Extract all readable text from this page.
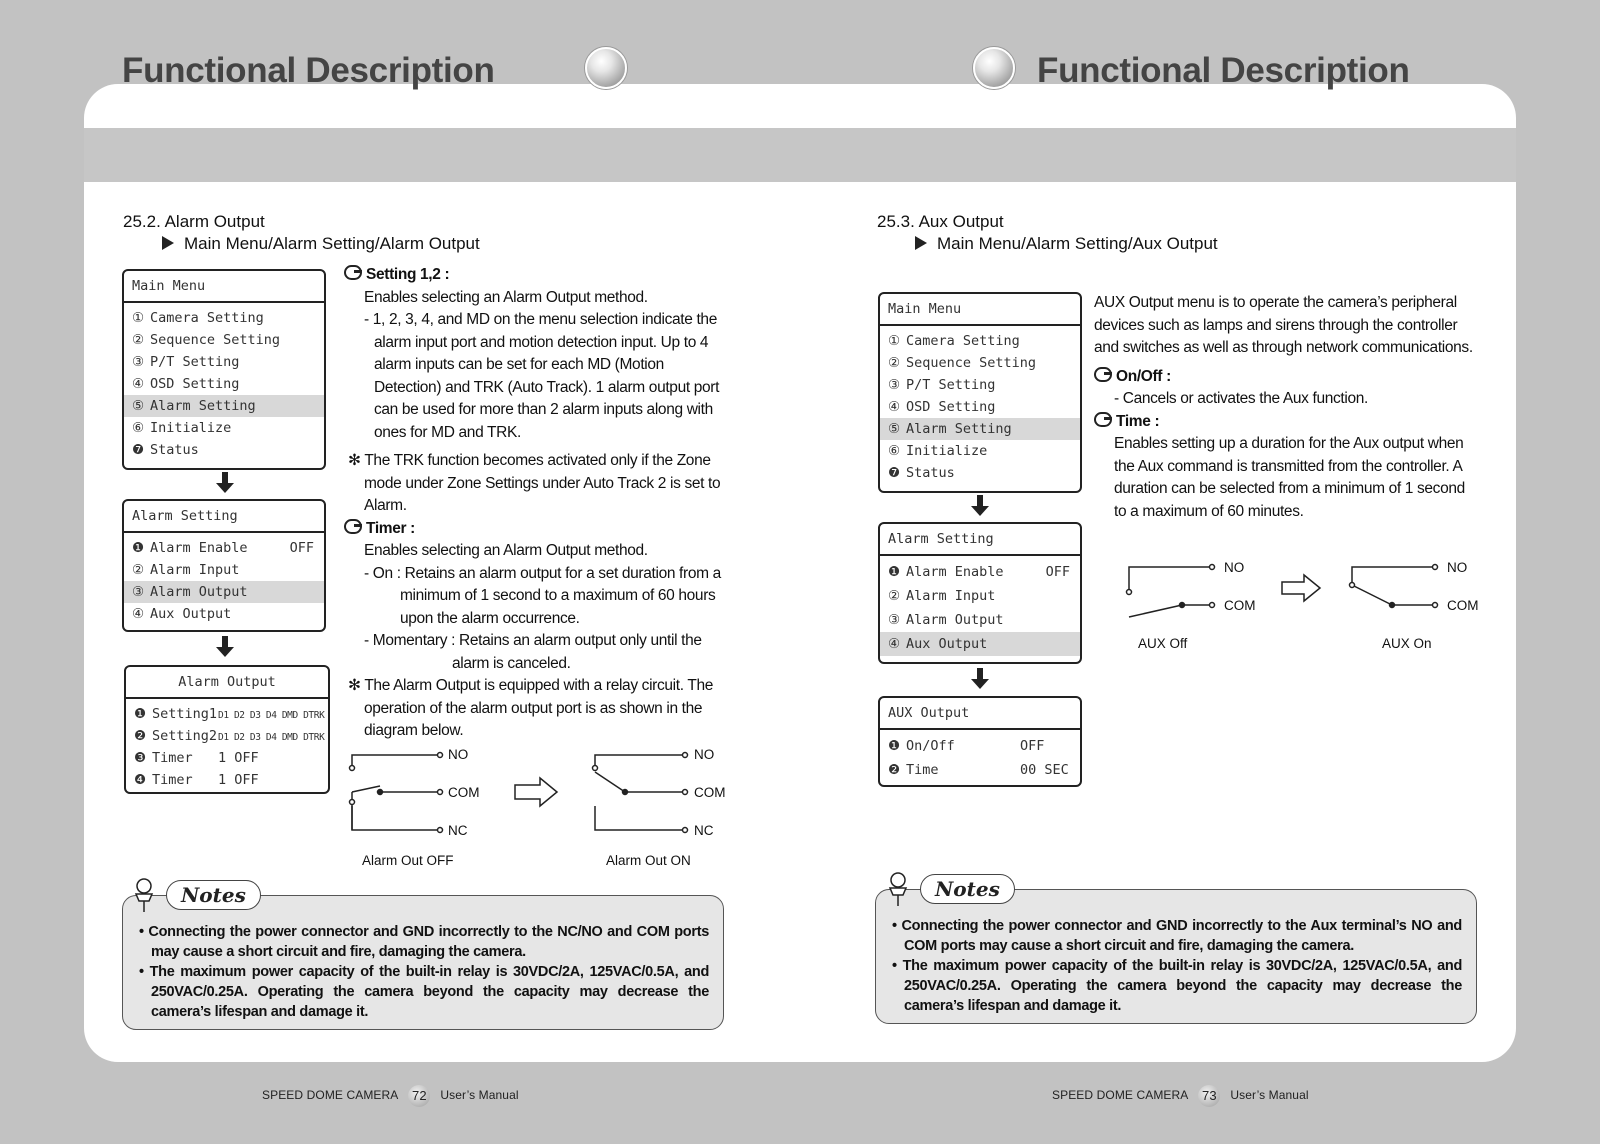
Functional Description	Functional Description
25.2. Alarm Output
Main Menu/Alarm Setting/Alarm Output
Main Menu
① Camera Setting
② Sequence Setting
③ P/T Setting
④ OSD Setting
⑤ Alarm Setting
⑥ Initialize
❼ Status
Alarm Setting
❶ Alarm Enable	OFF
② Alarm Input
③ Alarm Output
④ Aux Output
Alarm Output
❶ Setting1D1 D2 D3 D4 DMD DTRK
❷ Setting2D1 D2 D3 D4 DMD DTRK
❸ Timer 1 OFF
❹ Timer 1 OFF

Setting 1,2 :

Enables selecting an Alarm Output method.

- 1, 2, 3, 4, and MD on the menu selection indicate the alarm input port and motion detection input. Up to 4 alarm inputs can be set for each MD (Motion Detection) and TRK (Auto Track). 1 alarm output port can be used for more than 2 alarm inputs along with ones for MD and TRK.

✻ The TRK function becomes activated only if the Zone mode under Zone Settings under Auto Track 2 is set to Alarm.

Timer :

Enables selecting an Alarm Output method.

- On : Retains an alarm output for a set duration from a minimum of 1 second to a maximum of 60 hours upon the alarm occurrence.

- Momentary : Retains an alarm output only until the alarm is canceled.

✻ The Alarm Output is equipped with a relay circuit. The operation of the alarm output port is as shown in the diagram below.

NO
COM
NC
NO
COM
NC
Alarm Out OFF	Alarm Out ON
• Connecting the power connector and GND incorrectly to the NC/NO and COM ports may cause a short circuit and fire, damaging the camera.
• The maximum power capacity of the built-in relay is 30VDC/2A, 125VAC/0.5A, and 250VAC/0.25A. Operating the camera beyond the capacity may decrease the camera’s lifespan and damage it.
Notes
SPEED DOME CAMERA 72 User’s Manual
25.3. Aux Output
Main Menu/Alarm Setting/Aux Output
Main Menu
① Camera Setting
② Sequence Setting
③ P/T Setting
④ OSD Setting
⑤ Alarm Setting
⑥ Initialize
❼ Status
Alarm Setting
❶ Alarm Enable	OFF
② Alarm Input
③ Alarm Output
④ Aux Output
AUX Output
❶ On/Off	OFF
❷ Time	00 SEC

AUX Output menu is to operate the camera’s peripheral devices such as lamps and sirens through the controller and switches as well as through network communications.

On/Off :

- Cancels or activates the Aux function.

Time :

Enables setting up a duration for the Aux output when the Aux command is transmitted from the controller. A duration can be selected from a minimum of 1 second to a maximum of 60 minutes.

NO
COM
NO
COM
AUX Off	AUX On
• Connecting the power connector and GND incorrectly to the Aux terminal’s NO and COM ports may cause a short circuit and fire, damaging the camera.
• The maximum power capacity of the built-in relay is 30VDC/2A, 125VAC/0.5A, and 250VAC/0.25A. Operating the camera beyond the capacity may decrease the camera’s lifespan and damage it.
Notes
SPEED DOME CAMERA 73 User’s Manual
